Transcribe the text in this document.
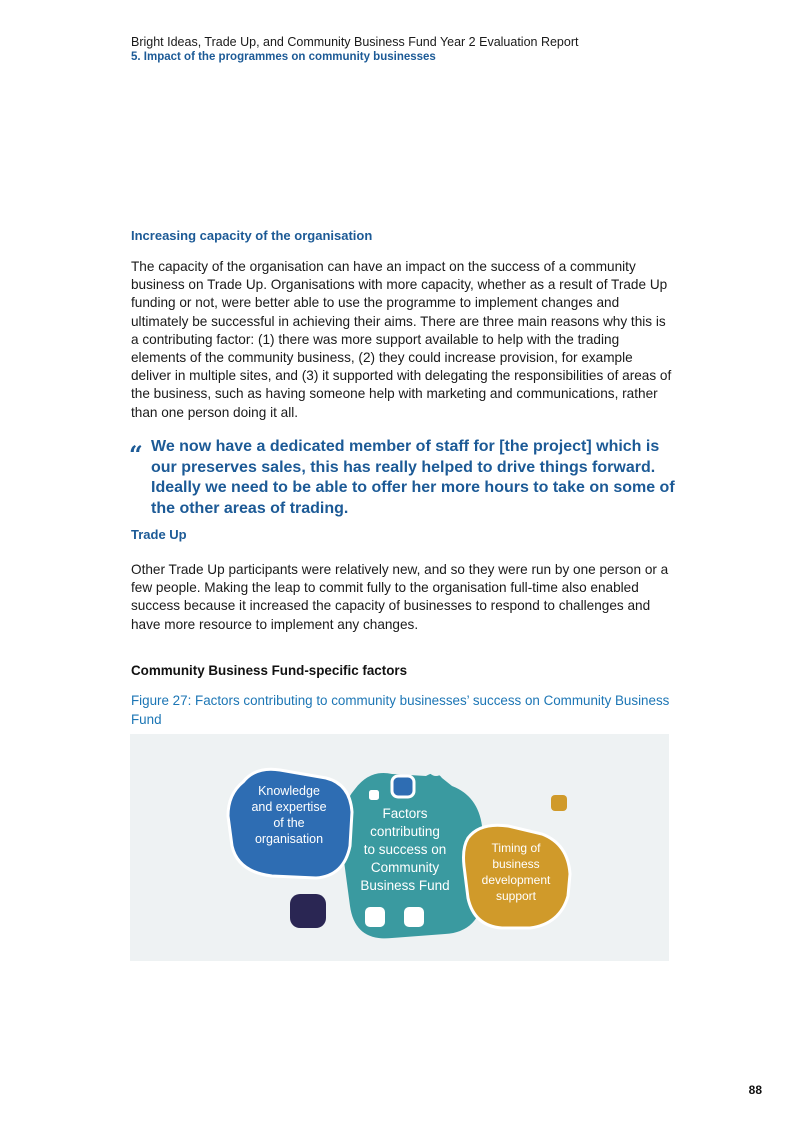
Bright Ideas, Trade Up, and Community Business Fund Year 2 Evaluation Report
5. Impact of the programmes on community businesses
Increasing capacity of the organisation
The capacity of the organisation can have an impact on the success of a community business on Trade Up. Organisations with more capacity, whether as a result of Trade Up funding or not, were better able to use the programme to implement changes and ultimately be successful in achieving their aims. There are three main reasons why this is a contributing factor: (1) there was more support available to help with the trading elements of the community business, (2) they could increase provision, for example deliver in multiple sites, and (3) it supported with delegating the responsibilities of areas of the business, such as having someone help with marketing and communications, rather than one person doing it all.
“ We now have a dedicated member of staff for [the project] which is our preserves sales, this has really helped to drive things forward. Ideally we need to be able to offer her more hours to take on some of the other areas of trading.
Trade Up
Other Trade Up participants were relatively new, and so they were run by one person or a few people. Making the leap to commit fully to the organisation full-time also enabled success because it increased the capacity of businesses to respond to challenges and have more resource to implement any changes.
Community Business Fund-specific factors
Figure 27: Factors contributing to community businesses’ success on Community Business Fund
Knowledge
and expertise
of the
organisation
Factors
contributing
to success on
Community
Business Fund
Timing of
business
development
support
88
